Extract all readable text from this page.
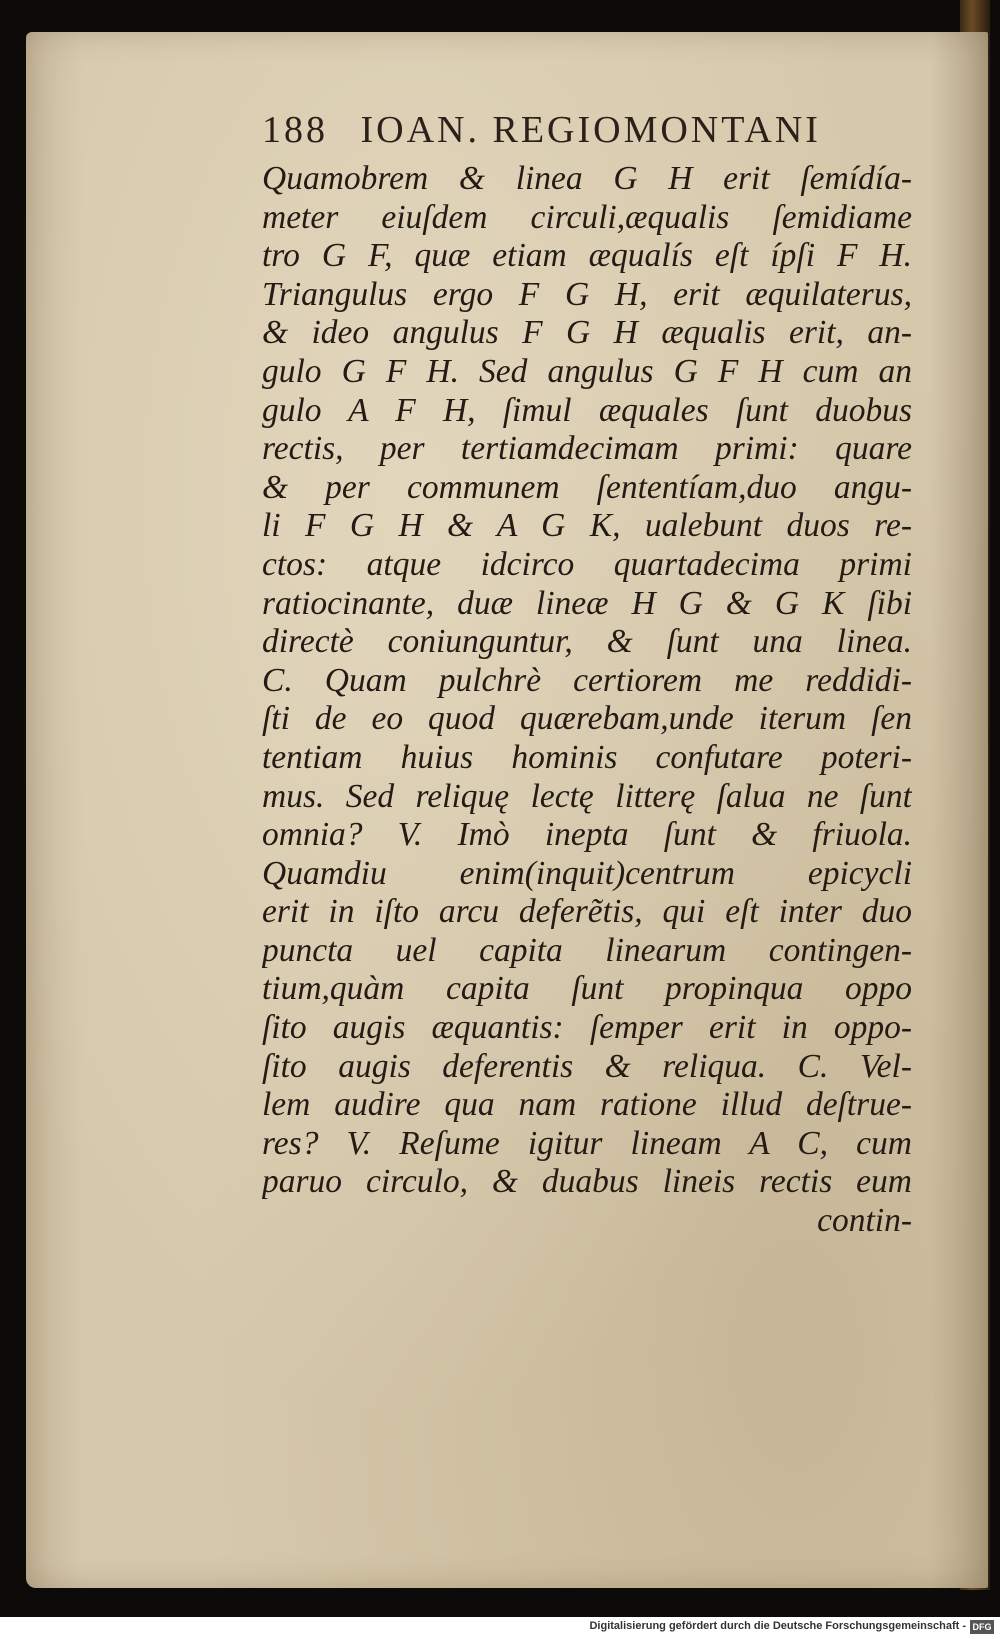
188 IOAN. REGIOMONTANI
Quamobrem & linea G H erit ſemídía-
meter eiuſdem circuli,æqualis ſemidiame
tro G F, quæ etiam æqualís eſt ípſi F H.
Triangulus ergo F G H, erit æquilaterus,
& ideo angulus F G H æqualis erit, an-
gulo G F H. Sed angulus G F H cum an
gulo A F H, ſimul æquales ſunt duobus
rectis, per tertiamdecimam primi: quare
& per communem ſententíam,duo angu-
li F G H & A G K, ualebunt duos re-
ctos: atque idcirco quartadecima primi
ratiocinante, duæ lineæ H G & G K ſibi
directè coniunguntur, & ſunt una linea.
C. Quam pulchrè certiorem me reddidi-
ſti de eo quod quærebam,unde iterum ſen
tentiam huius hominis confutare poteri-
mus. Sed reliquę lectę litterę ſalua ne ſunt
omnia? V. Imò inepta ſunt & friuola.
Quamdiu enim(inquit)centrum epicycli
erit in iſto arcu deferẽtis, qui eſt inter duo
puncta uel capita linearum contingen-
tium,quàm capita ſunt propinqua oppo
ſito augis æquantis: ſemper erit in oppo-
ſito augis deferentis & reliqua. C. Vel-
lem audire qua nam ratione illud deſtrue-
res? V. Reſume igitur lineam A C, cum
paruo circulo, & duabus lineis rectis eum
contin-
Digitalisierung gefördert durch die Deutsche Forschungsgemeinschaft - DFG
